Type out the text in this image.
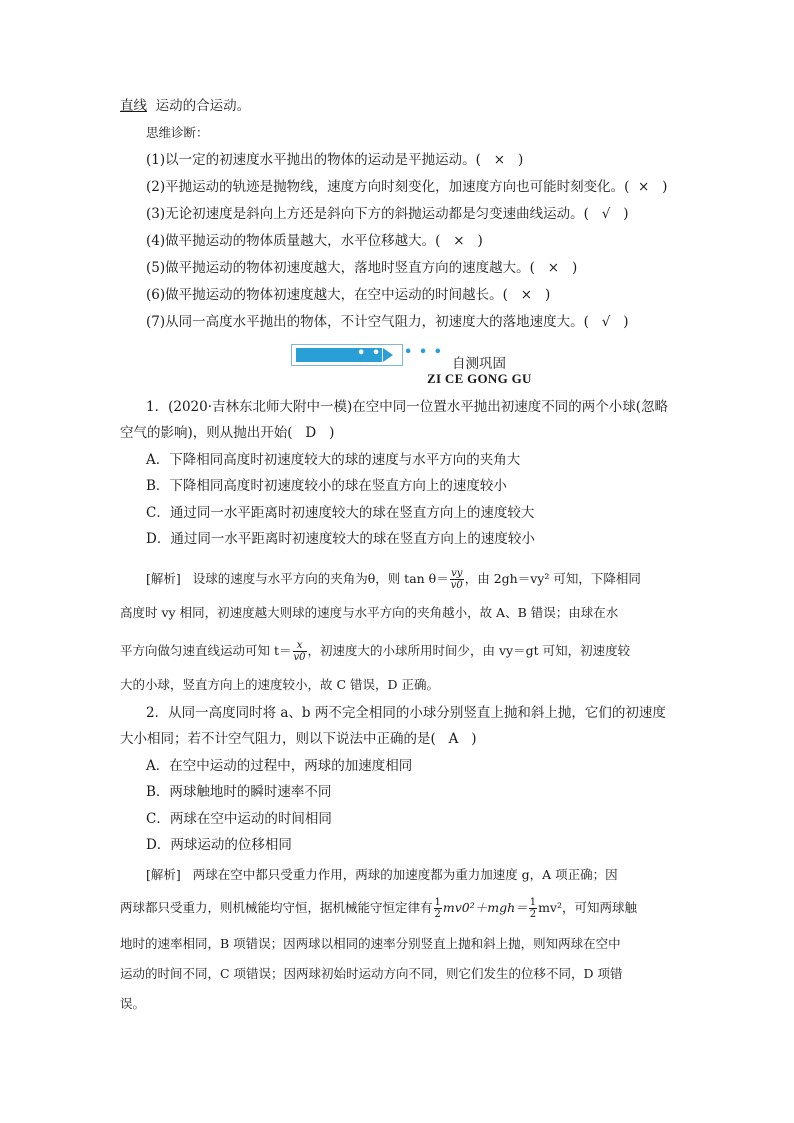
直线 运动的合运动。
思维诊断：
(1)以一定的初速度水平抛出的物体的运动是平抛运动。( × )
(2)平抛运动的轨迹是抛物线，速度方向时刻变化，加速度方向也可能时刻变化。( × )
(3)无论初速度是斜向上方还是斜向下方的斜抛运动都是匀变速曲线运动。( √ )
(4)做平抛运动的物体质量越大，水平位移越大。( × )
(5)做平抛运动的物体初速度越大，落地时竖直方向的速度越大。( × )
(6)做平抛运动的物体初速度越大，在空中运动的时间越长。( × )
(7)从同一高度水平抛出的物体，不计空气阻力，初速度大的落地速度大。( √ )
• • • • • •
自测巩固
ZI CE GONG GU
1．(2020·吉林东北师大附中一模)在空中同一位置水平抛出初速度不同的两个小球(忽略
空气的影响)，则从抛出开始( D )
A．下降相同高度时初速度较大的球的速度与水平方向的夹角大
B．下降相同高度时初速度较小的球在竖直方向上的速度较小
C．通过同一水平距离时初速度较大的球在竖直方向上的速度较大
D．通过同一水平距离时初速度较大的球在竖直方向上的速度较小
[解析] 设球的速度与水平方向的夹角为θ，则 $\tan \theta= \frac{vy}{v0}$ ，由 2gh＝vy² 可知，下降相同
高度时 vy 相同，初速度越大则球的速度与水平方向的夹角越小，故 A、B 错误；由球在水
平方向做匀速直线运动可知 $t= \frac{x}{v0}$ ，初速度大的小球所用时间少，由 vy＝gt 可知，初速度较
大的小球，竖直方向上的速度较小，故 C 错误，D 正确。
2．从同一高度同时将 a、b 两不完全相同的小球分别竖直上抛和斜上抛，它们的初速度
大小相同；若不计空气阻力，则以下说法中正确的是( A )
A．在空中运动的过程中，两球的加速度相同
B．两球触地时的瞬时速率不同
C．两球在空中运动的时间相同
D．两球运动的位移相同
[解析] 两球在空中都只受重力作用，两球的加速度都为重力加速度 g，A 项正确；因
两球都只受重力，则机械能均守恒，据机械能守恒定律有 $\frac{1}{2} mv0^2+mgh= \frac{1}{2} mv^2$，可知两球触
地时的速率相同，B 项错误；因两球以相同的速率分别竖直上抛和斜上抛，则知两球在空中
运动的时间不同，C 项错误；因两球初始时运动方向不同，则它们发生的位移不同，D 项错
误。
